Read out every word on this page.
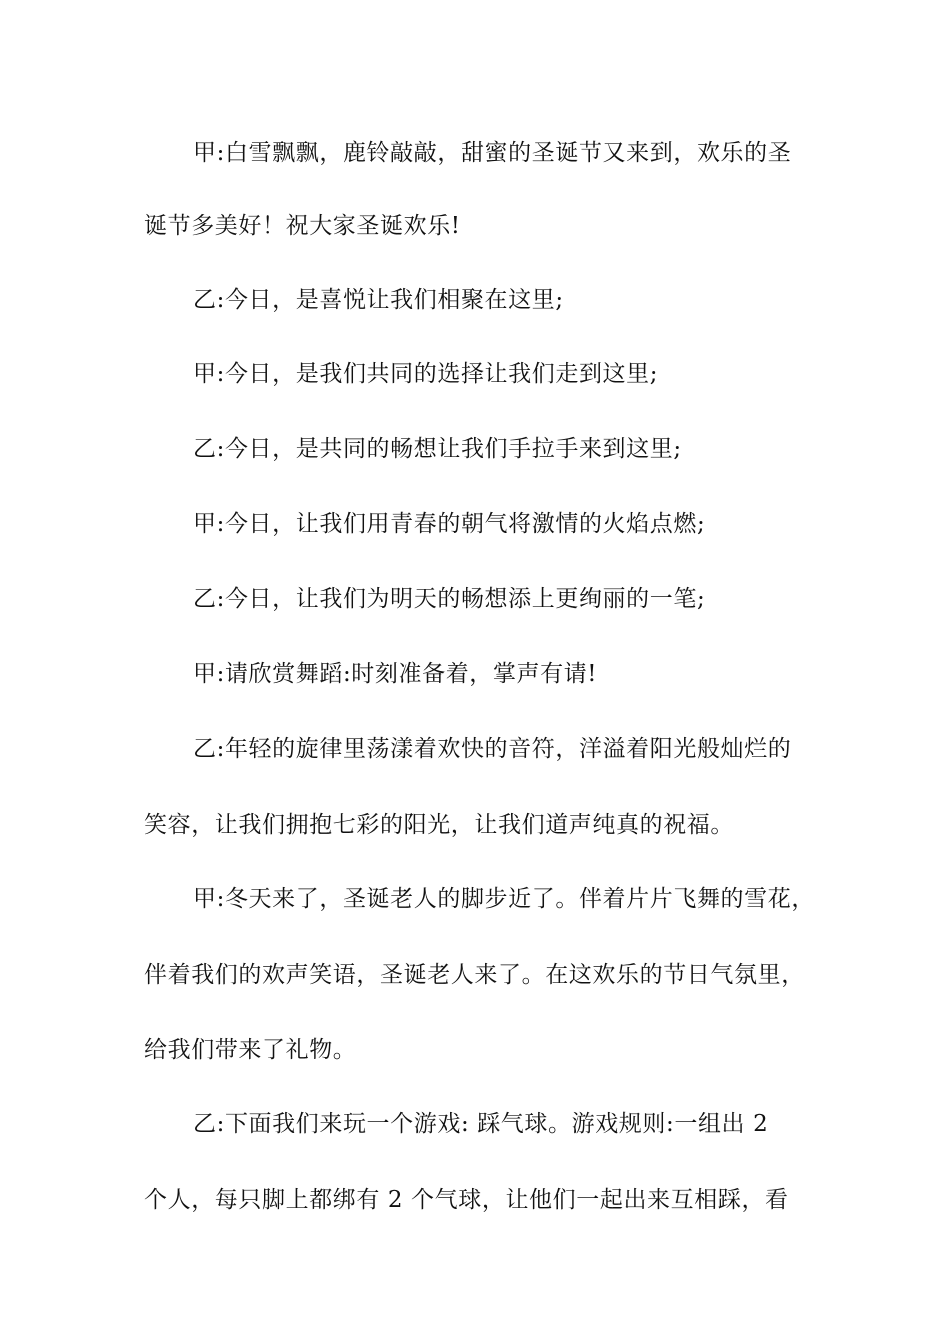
甲:白雪飘飘，鹿铃敲敲，甜蜜的圣诞节又来到，欢乐的圣
诞节多美好！祝大家圣诞欢乐!
乙:今日，是喜悦让我们相聚在这里;
甲:今日，是我们共同的选择让我们走到这里;
乙:今日，是共同的畅想让我们手拉手来到这里;
甲:今日，让我们用青春的朝气将激情的火焰点燃;
乙:今日，让我们为明天的畅想添上更绚丽的一笔;
甲:请欣赏舞蹈:时刻准备着，掌声有请!
乙:年轻的旋律里荡漾着欢快的音符，洋溢着阳光般灿烂的
笑容，让我们拥抱七彩的阳光，让我们道声纯真的祝福。
甲:冬天来了，圣诞老人的脚步近了。伴着片片飞舞的雪花，
伴着我们的欢声笑语，圣诞老人来了。在这欢乐的节日气氛里，
给我们带来了礼物。
乙:下面我们来玩一个游戏: 踩气球。游戏规则:一组出 2
个人，每只脚上都绑有 2 个气球，让他们一起出来互相踩，看
